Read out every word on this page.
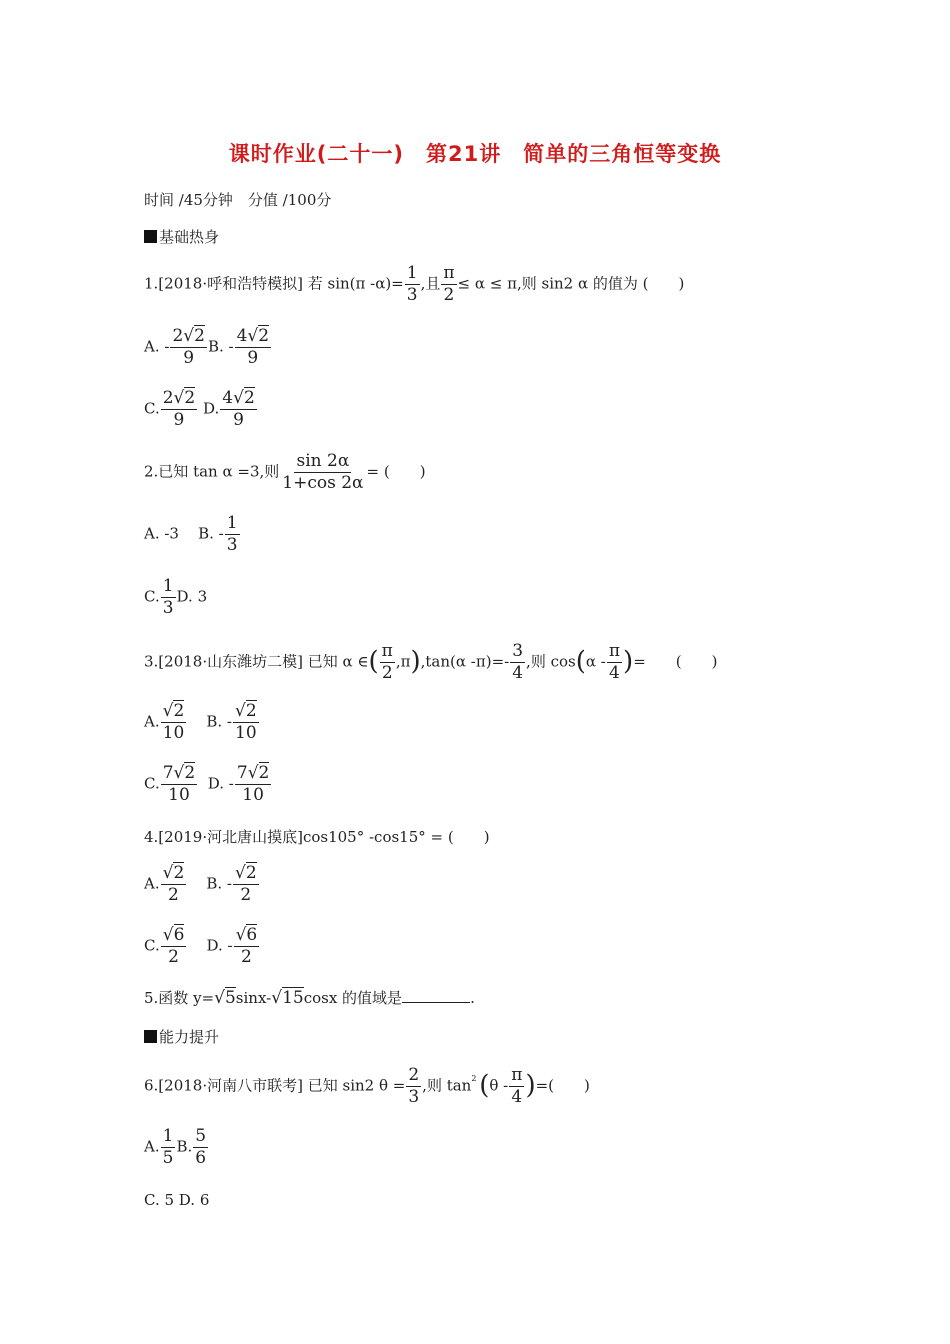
课时作业(二十一)　第21讲　简单的三角恒等变换
时间 ∕45分钟　分值 ∕100分
基础热身
1.[2018·呼和浩特模拟] 若 sin(π $-\alpha)= \frac{1}{3}$ ,且 $\frac{\pi}{2} \le \alpha \le \pi$,则 sin2 α 的值为 (　　)
A. - $\frac{2√2}{9} B$. - $\frac{4√2}{9}$
C. $\frac{2√2}{9} D$. $\frac{4√2}{9}$
2.已知 tan α =3,则 $\frac{\sin 2\alpha}{1+\cos 2\alpha}$ = (　　)
A. -3 B. - $\frac{1}{3}$
C. $\frac{1}{3} D$. 3
3.[2018·山东潍坊二模] 已知 α ∈( $\frac{\pi}{2} ,\pi),\tan(\alpha$ $-\pi)=- \frac{3}{4}$ ,则 $\cos(\alpha - \frac{\pi}{4}$ )=　　(　　)
A. $\frac{√2}{10} B$. - $\frac{√2}{10}$
C. $\frac{7√2}{10} D$. - $\frac{7√2}{10}$
4.[2019·河北唐山摸底]cos105° -cos15° = (　　)
A. $\frac{√2}{2} B$. - $\frac{√2}{2}$
C. $\frac{√6}{2} D$. - $\frac{√6}{2}$
5.函数 y=√5sinx-√15cosx 的值域是	.
能力提升
6.[2018·河南八市联考] 已知 sin2 $\theta = \frac{2}{3}$ ,则 $\tan^2 (\theta - \frac{\pi}{4}$ )=(　　)
A. $\frac{1}{5} B$. $\frac{5}{6}$
C. 5 D. 6
